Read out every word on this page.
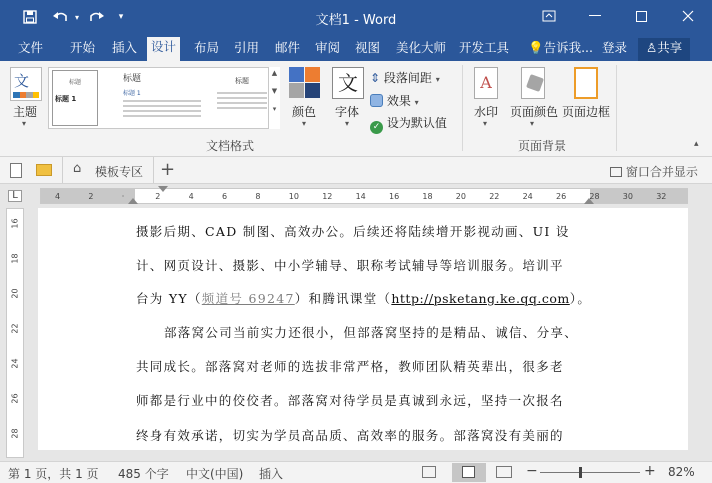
▾	▾	文档1 - Word
文件	开始	插入	设计	布局	引用	邮件	审阅	视图	美化大师	开发工具	💡告诉我... 登录	♙共享
文
主题
▾
标题
标题 1
标题
标题 1
标题
▲
▼
▾	颜色
▾
文
字体
▾
⇕ 段落间距 ▾
效果 ▾
✓ 设为默认值
文档格式
A
水印
▾
页面颜色
▾
页面边框
页面背景	▴
⌂ 模板专区 +	窗口合并显示
L	4	2	·	2	4	6	8	10	12	14	16	18	20	22	24	26	28	30	32
16
18
20
22
24
26
28
摄影后期、CAD 制图、高效办公。后续还将陆续增开影视动画、UI 设
计、网页设计、摄影、中小学辅导、职称考试辅导等培训服务。培训平
台为 YY（频道号 69247）和腾讯课堂（http://psketang.ke.qq.com）。
部落窝公司当前实力还很小，但部落窝坚持的是精品、诚信、分享、
共同成长。部落窝对老师的选拔非常严格，教师团队精英辈出，很多老
师都是行业中的佼佼者。部落窝对待学员是真诚到永远，坚持一次报名
终身有效承诺，切实为学员高品质、高效率的服务。部落窝没有美丽的
第 1 页，共 1 页 485 个字 中文(中国) 插入	−	+ 82%
